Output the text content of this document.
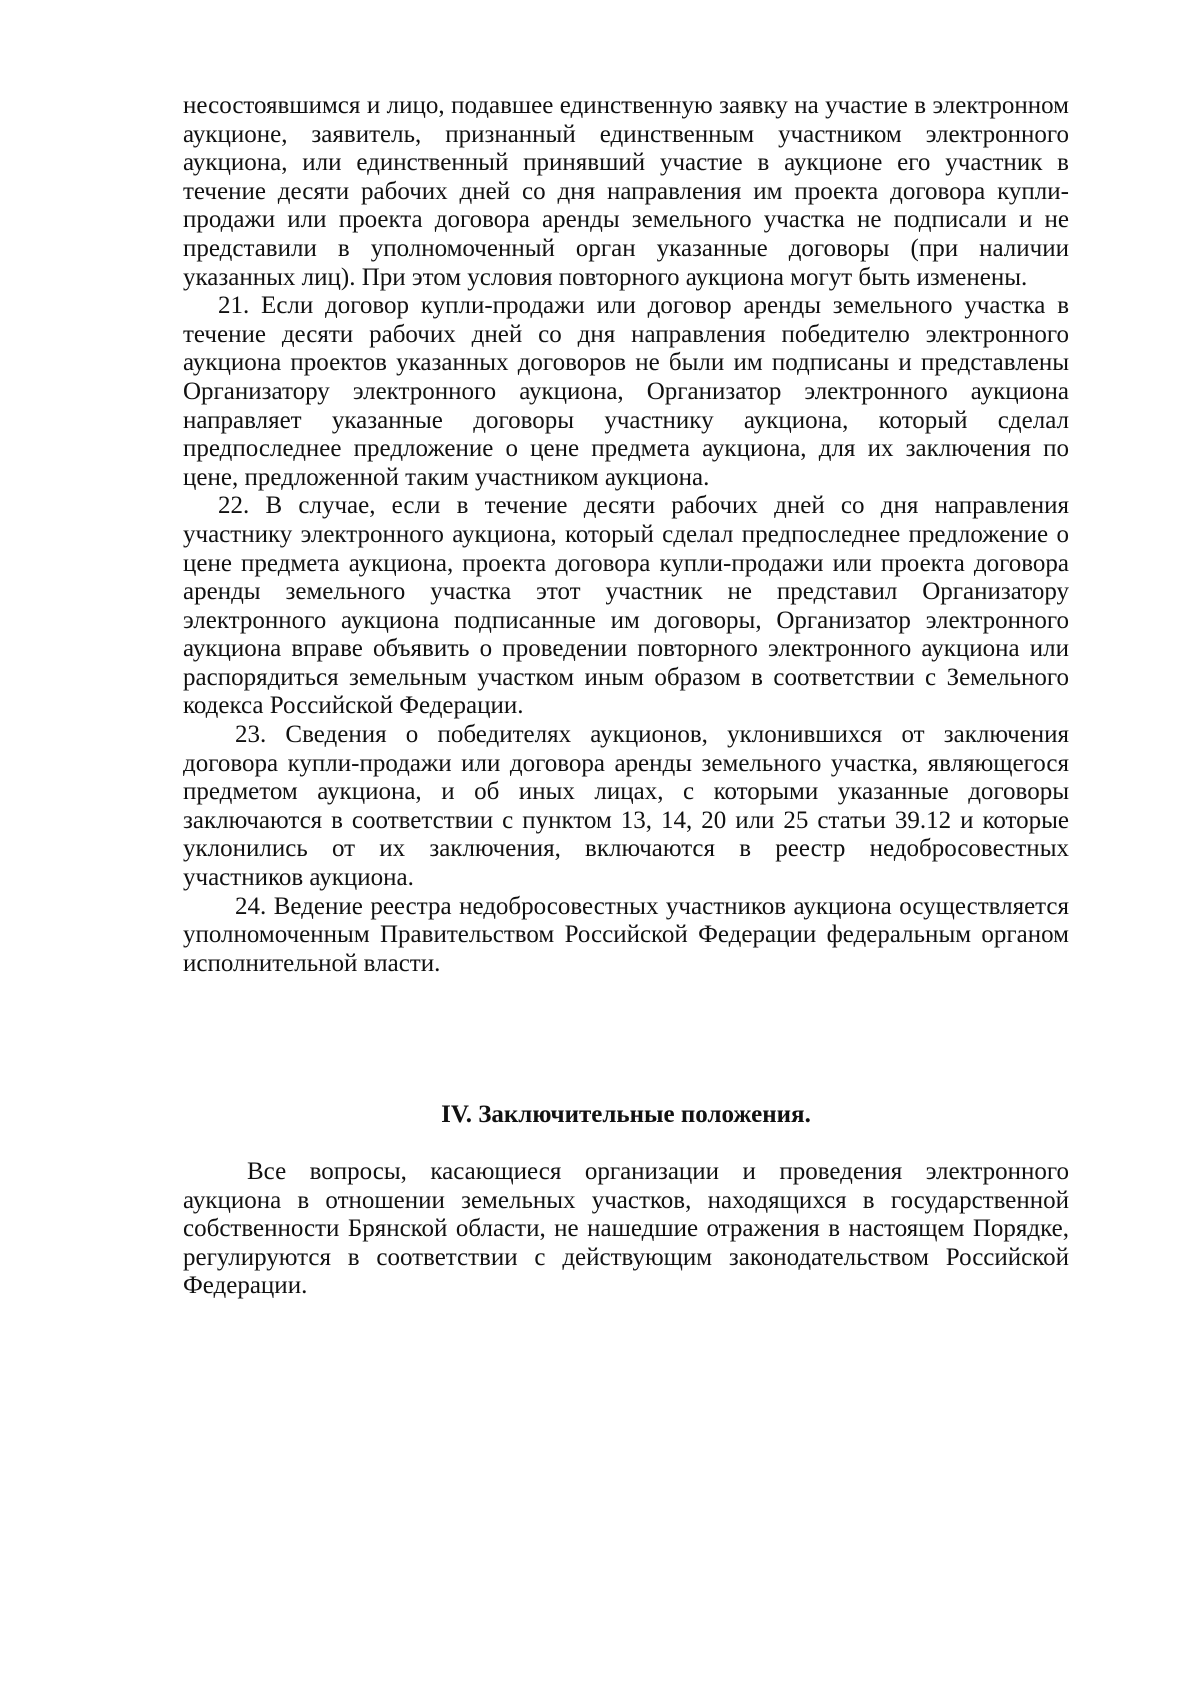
несостоявшимся и лицо, подавшее единственную заявку на участие в электронном аукционе, заявитель, признанный единственным участником электронного аукциона, или единственный принявший участие в аукционе его участник в течение десяти рабочих дней со дня направления им проекта договора купли-продажи или проекта договора аренды земельного участка не подписали и не представили в уполномоченный орган указанные договоры (при наличии указанных лиц). При этом условия повторного аукциона могут быть изменены.

21. Если договор купли-продажи или договор аренды земельного участка в течение десяти рабочих дней со дня направления победителю электронного аукциона проектов указанных договоров не были им подписаны и представлены Организатору электронного аукциона, Организатор электронного аукциона направляет указанные договоры участнику аукциона, который сделал предпоследнее предложение о цене предмета аукциона, для их заключения по цене, предложенной таким участником аукциона.

22. В случае, если в течение десяти рабочих дней со дня направления участнику электронного аукциона, который сделал предпоследнее предложение о цене предмета аукциона, проекта договора купли-продажи или проекта договора аренды земельного участка этот участник не представил Организатору электронного аукциона подписанные им договоры, Организатор электронного аукциона вправе объявить о проведении повторного электронного аукциона или распорядиться земельным участком иным образом в соответствии с Земельного кодекса Российской Федерации.

23. Сведения о победителях аукционов, уклонившихся от заключения договора купли-продажи или договора аренды земельного участка, являющегося предметом аукциона, и об иных лицах, с которыми указанные договоры заключаются в соответствии с пунктом 13, 14, 20 или 25 статьи 39.12 и которые уклонились от их заключения, включаются в реестр недобросовестных участников аукциона.

24. Ведение реестра недобросовестных участников аукциона осуществляется уполномоченным Правительством Российской Федерации федеральным органом исполнительной власти.

IV. Заключительные положения.

Все вопросы, касающиеся организации и проведения электронного аукциона в отношении земельных участков, находящихся в государственной собственности Брянской области, не нашедшие отражения в настоящем Порядке, регулируются в соответствии с действующим законодательством Российской Федерации.
